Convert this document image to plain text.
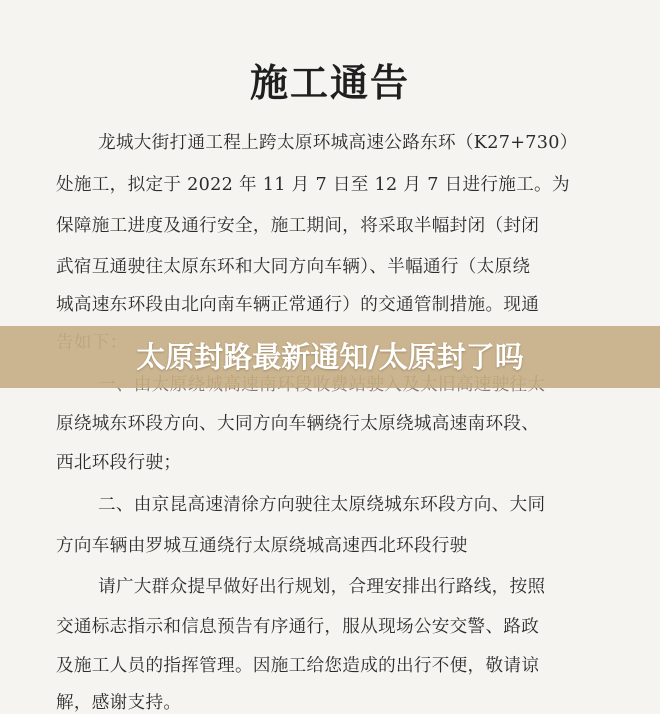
施工通告
龙城大街打通工程上跨太原环城高速公路东环（K27+730）
处施工，拟定于 2022 年 11 月 7 日至 12 月 7 日进行施工。为
保障施工进度及通行安全，施工期间，将采取半幅封闭（封闭
武宿互通驶往太原东环和大同方向车辆）、半幅通行（太原绕
城高速东环段由北向南车辆正常通行）的交通管制措施。现通
原绕城东环段方向、大同方向车辆绕行太原绕城高速南环段、
西北环段行驶；
二、由京昆高速清徐方向驶往太原绕城东环段方向、大同
方向车辆由罗城互通绕行太原绕城高速西北环段行驶
请广大群众提早做好出行规划，合理安排出行路线，按照
交通标志指示和信息预告有序通行，服从现场公安交警、路政
及施工人员的指挥管理。因施工给您造成的出行不便，敬请谅
解，感谢支持。
太原封路最新通知/太原封了吗
